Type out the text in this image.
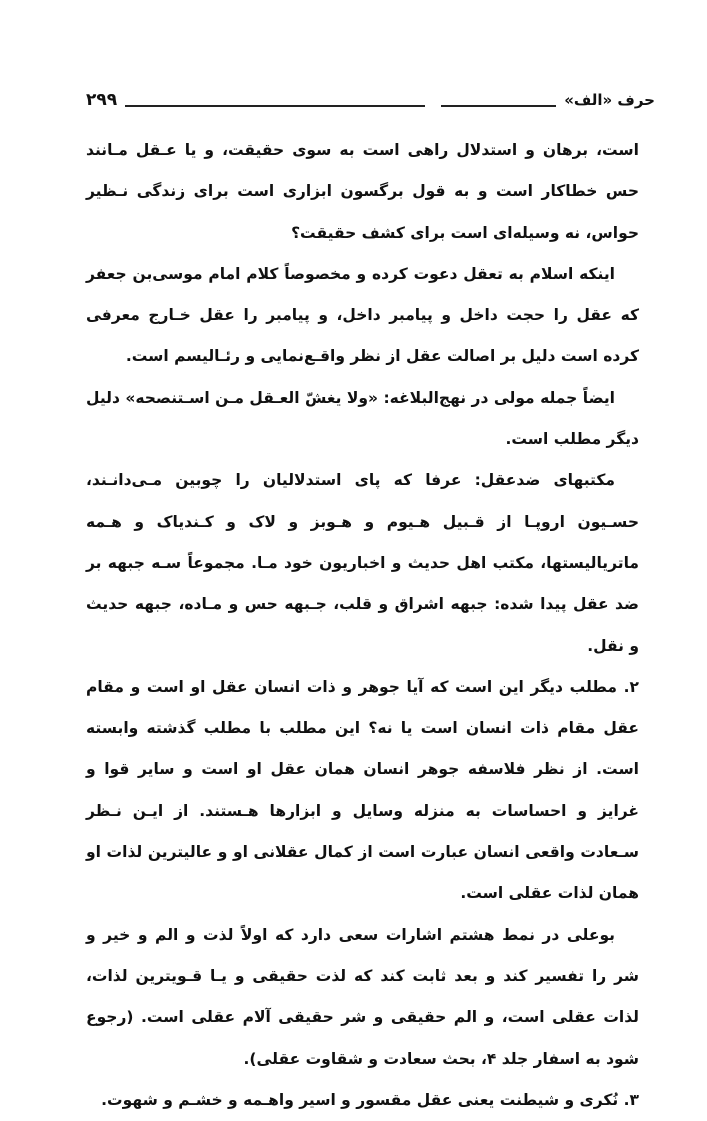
۲۹۹	حرف «الف»

است، برهان و استدلال راهی است به سوی حقیقت، و یا عـقل مـانند حس خطاکار است و به قول برگسون ابزاری است برای زندگی نـظیر حواس، نه وسیله‌ای است برای کشف حقیقت؟

اینکه اسلام به تعقل دعوت کرده و مخصوصاً کلام امام موسی‌بن جعفر که عقل را حجت داخل و پیامبر داخل، و پیامبر را عقل خـارج معرفی کرده است دلیل بر اصالت عقل از نظر واقـع‌نمایی و رئـالیسم است.

ایضاً جمله مولی در نهج‌البلاغه: «ولا یغشّ العـقل مـن اسـتنصحه» دلیل دیگر مطلب است.

مکتبهای ضدعقل: عرفا که پای استدلالیان را چوبین مـی‌دانـند، حسـیون اروپـا از قـبیل هـیوم و هـوبز و لاک و کـندیاک و هـمه ماتریالیستها، مکتب اهل حدیث و اخباریون خود مـا. مجموعاً سـه جبهه بر ضد عقل پیدا شده: جبهه اشراق و قلب، جـبهه حس و مـاده، جبهه حدیث و نقل.

۲. مطلب دیگر این است که آیا جوهر و ذات انسان عقل او است و مقام عقل مقام ذات انسان است یا نه؟ این مطلب با مطلب گذشته وابسته است. از نظر فلاسفه جوهر انسان همان عقل او است و سایر قوا و غرایز و احساسات به منزله وسایل و ابزارها هـستند. از ایـن نـظر سـعادت واقعی انسان عبارت است از کمال عقلانی او و عالیترین لذات او همان لذات عقلی است.

بوعلی در نمط هشتم اشارات سعی دارد که اولاً لذت و الم و خیر و شر را تفسیر کند و بعد ثابت کند که لذت حقیقی و یـا قـویترین لذات، لذات عقلی است، و الم حقیقی و شر حقیقی آلام عقلی است. (رجوع شود به اسفار جلد ۴، بحث سعادت و شقاوت عقلی).

۳. نُکری و شیطنت یعنی عقل مقسور و اسیر واهـمه و خشـم و شهوت.
